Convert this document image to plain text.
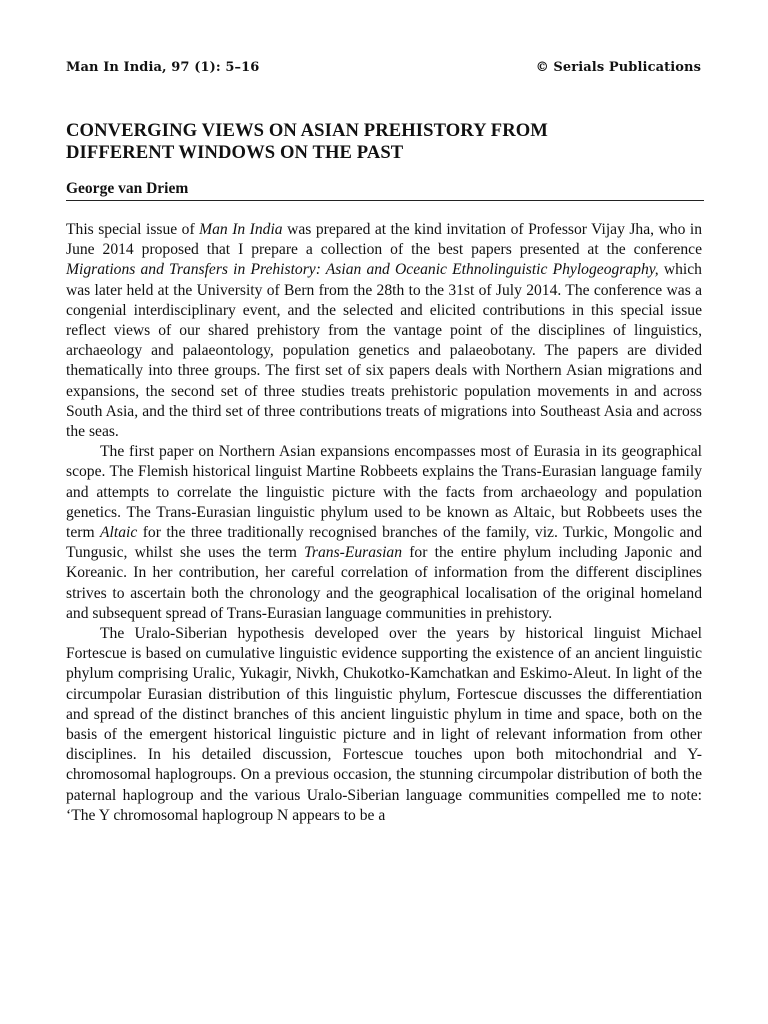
Man In India, 97 (1): 5–16	© Serials Publications
CONVERGING VIEWS ON ASIAN PREHISTORY FROM
DIFFERENT WINDOWS ON THE PAST
George van Driem

This special issue of Man In India was prepared at the kind invitation of Professor Vijay Jha, who in June 2014 proposed that I prepare a collection of the best papers presented at the conference Migrations and Transfers in Prehistory: Asian and Oceanic Ethnolinguistic Phylogeography, which was later held at the University of Bern from the 28th to the 31st of July 2014. The conference was a congenial interdisciplinary event, and the selected and elicited contributions in this special issue reflect views of our shared prehistory from the vantage point of the disciplines of linguistics, archaeology and palaeontology, population genetics and palaeobotany. The papers are divided thematically into three groups. The first set of six papers deals with Northern Asian migrations and expansions, the second set of three studies treats prehistoric population movements in and across South Asia, and the third set of three contributions treats of migrations into Southeast Asia and across the seas.

The first paper on Northern Asian expansions encompasses most of Eurasia in its geographical scope. The Flemish historical linguist Martine Robbeets explains the Trans-Eurasian language family and attempts to correlate the linguistic picture with the facts from archaeology and population genetics. The Trans-Eurasian linguistic phylum used to be known as Altaic, but Robbeets uses the term Altaic for the three traditionally recognised branches of the family, viz. Turkic, Mongolic and Tungusic, whilst she uses the term Trans-Eurasian for the entire phylum including Japonic and Koreanic. In her contribution, her careful correlation of information from the different disciplines strives to ascertain both the chronology and the geographical localisation of the original homeland and subsequent spread of Trans-Eurasian language communities in prehistory.

The Uralo-Siberian hypothesis developed over the years by historical linguist Michael Fortescue is based on cumulative linguistic evidence supporting the existence of an ancient linguistic phylum comprising Uralic, Yukagir, Nivkh, Chukotko-Kamchatkan and Eskimo-Aleut. In light of the circumpolar Eurasian distribution of this linguistic phylum, Fortescue discusses the differentiation and spread of the distinct branches of this ancient linguistic phylum in time and space, both on the basis of the emergent historical linguistic picture and in light of relevant information from other disciplines. In his detailed discussion, Fortescue touches upon both mitochondrial and Y-chromosomal haplogroups. On a previous occasion, the stunning circumpolar distribution of both the paternal haplogroup and the various Uralo-Siberian language communities compelled me to note: ‘The Y chromosomal haplogroup N appears to be a
